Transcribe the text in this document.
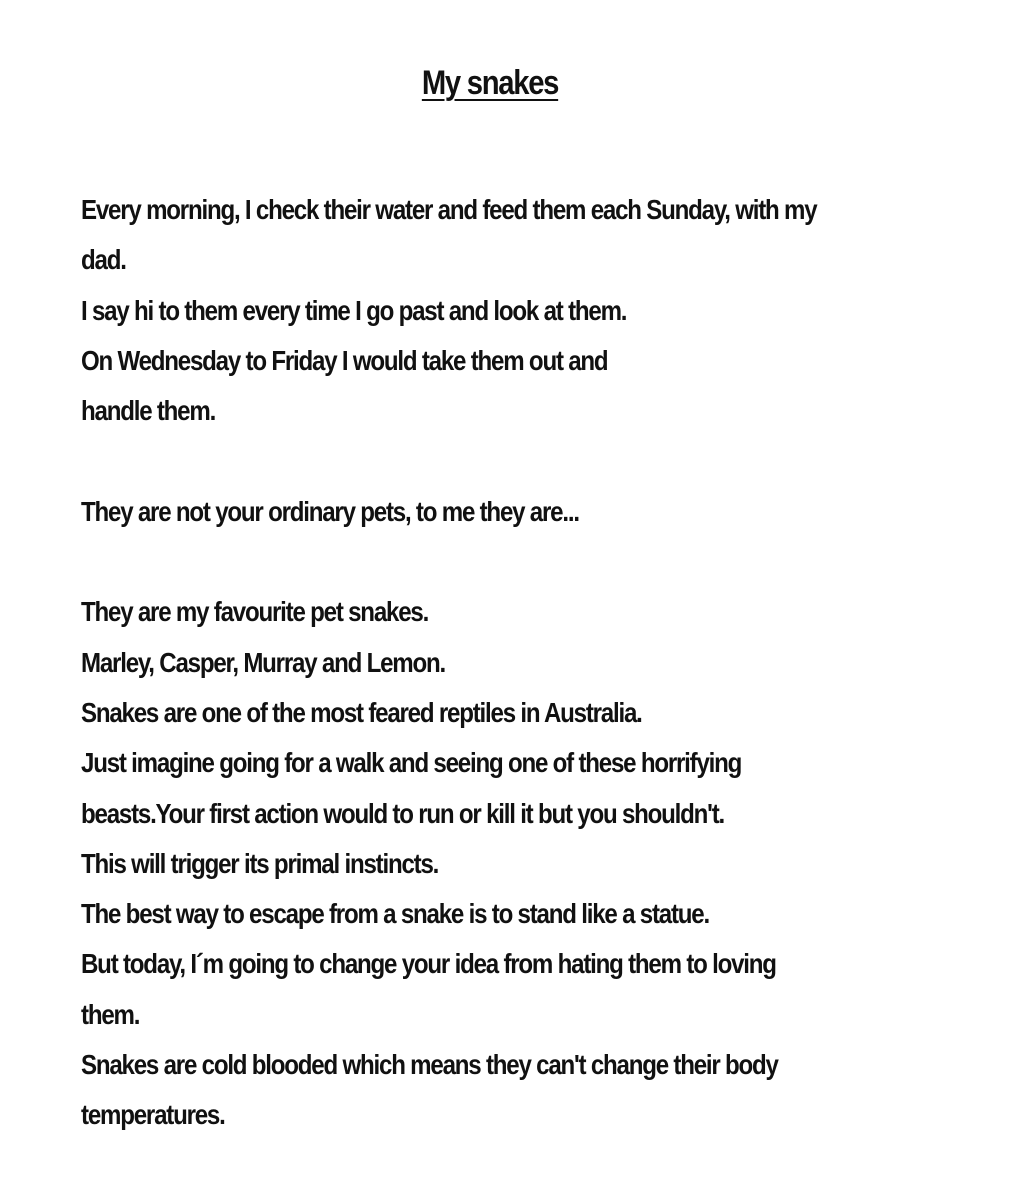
My snakes
Every morning, I check their water and feed them each Sunday, with my
dad.
I say hi to them every time I go past and look at them.
On Wednesday to Friday I would take them out and
handle them.
They are not your ordinary pets, to me they are...
They are my favourite pet snakes.
Marley, Casper, Murray and Lemon.
Snakes are one of the most feared reptiles in Australia.
Just imagine going for a walk and seeing one of these horrifying
beasts.Your first action would to run or kill it but you shouldn't.
This will trigger its primal instincts.
The best way to escape from a snake is to stand like a statue.
But today, I´m going to change your idea from hating them to loving
them.
Snakes are cold blooded which means they can't change their body
temperatures.
